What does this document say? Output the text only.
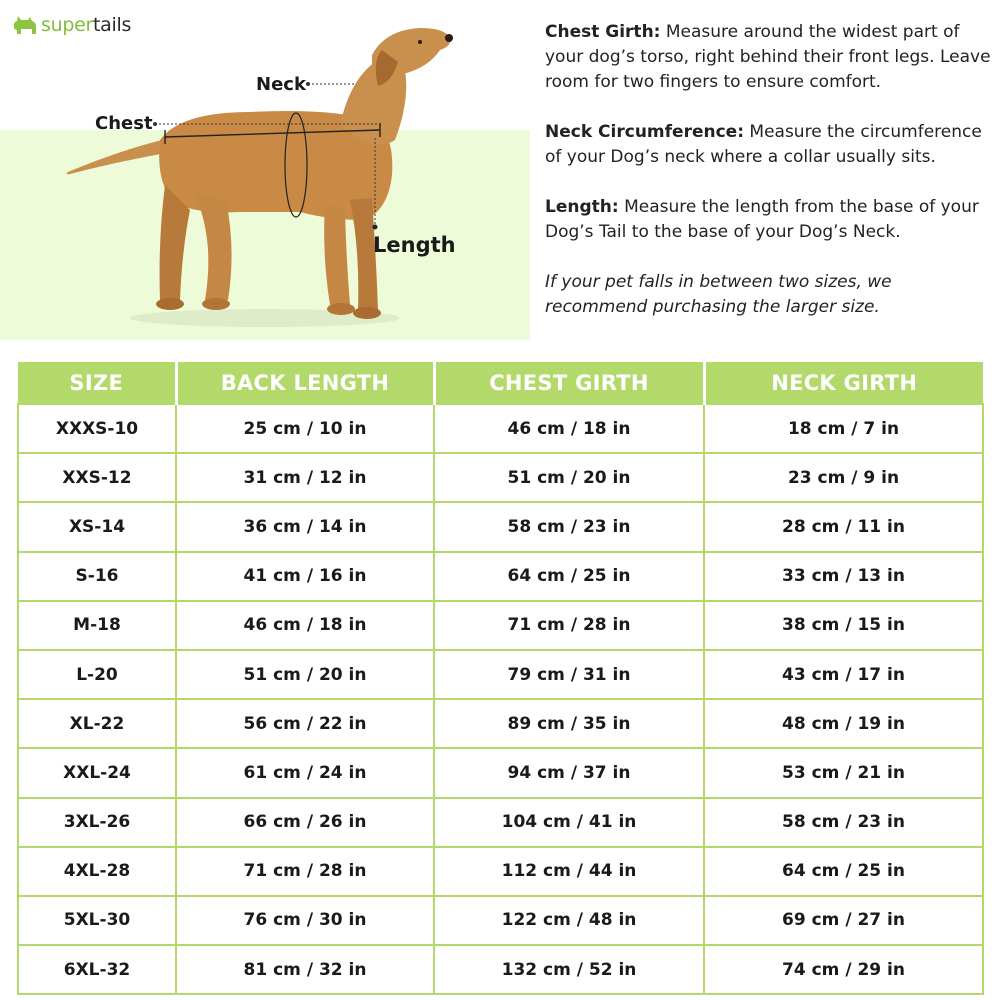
supertails
Neck
Chest
Length

Chest Girth: Measure around the widest part of your dog’s torso, right behind their front legs. Leave room for two fingers to ensure comfort.

Neck Circumference: Measure the circumference of your Dog’s neck where a collar usually sits.

Length: Measure the length from the base of your Dog’s Tail to the base of your Dog’s Neck.

If your pet falls in between two sizes, we recommend purchasing the larger size.

SIZE	BACK LENGTH	CHEST GIRTH	NECK GIRTH
XXXS-10	25 cm / 10 in	46 cm / 18 in	18 cm / 7 in
XXS-12	31 cm / 12 in	51 cm / 20 in	23 cm / 9 in
XS-14	36 cm / 14 in	58 cm / 23 in	28 cm / 11 in
S-16	41 cm / 16 in	64 cm / 25 in	33 cm / 13 in
M-18	46 cm / 18 in	71 cm / 28 in	38 cm / 15 in
L-20	51 cm / 20 in	79 cm / 31 in	43 cm / 17 in
XL-22	56 cm / 22 in	89 cm / 35 in	48 cm / 19 in
XXL-24	61 cm / 24 in	94 cm / 37 in	53 cm / 21 in
3XL-26	66 cm / 26 in	104 cm / 41 in	58 cm / 23 in
4XL-28	71 cm / 28 in	112 cm / 44 in	64 cm / 25 in
5XL-30	76 cm / 30 in	122 cm / 48 in	69 cm / 27 in
6XL-32	81 cm / 32 in	132 cm / 52 in	74 cm / 29 in
